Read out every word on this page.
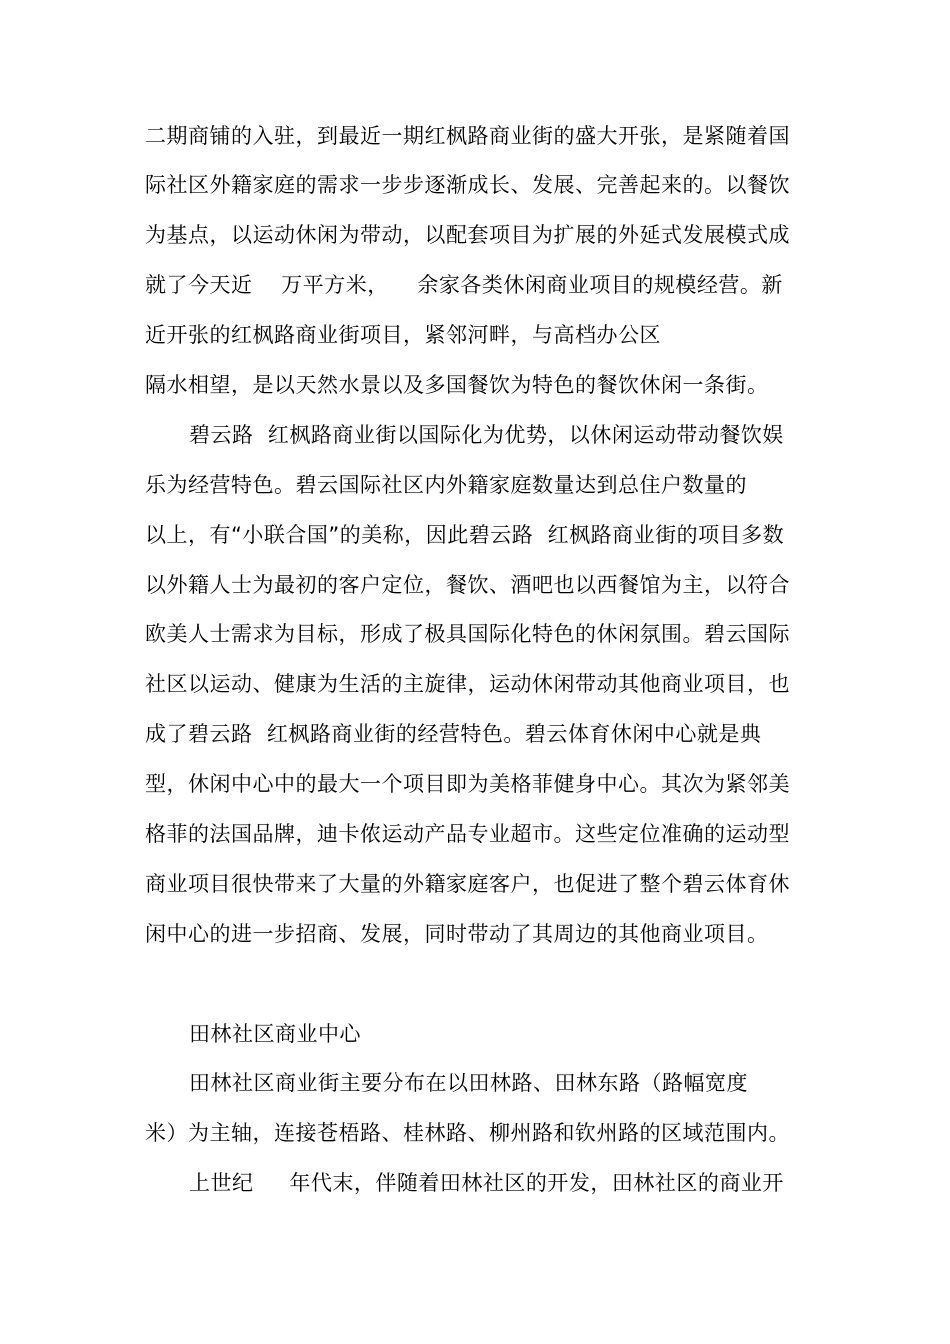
二期商铺的入驻，到最近一期红枫路商业街的盛大开张，是紧随着国
际社区外籍家庭的需求一步步逐渐成长、发展、完善起来的。以餐饮
为基点，以运动休闲为带动，以配套项目为扩展的外延式发展模式成
就了今天近    万平方米，    余家各类休闲商业项目的规模经营。新
近开张的红枫路商业街项目，紧邻河畔，与高档办公区
隔水相望，是以天然水景以及多国餐饮为特色的餐饮休闲一条街。
碧云路  红枫路商业街以国际化为优势，以休闲运动带动餐饮娱
乐为经营特色。碧云国际社区内外籍家庭数量达到总住户数量的
以上，有“小联合国”的美称，因此碧云路  红枫路商业街的项目多数
以外籍人士为最初的客户定位，餐饮、酒吧也以西餐馆为主，以符合
欧美人士需求为目标，形成了极具国际化特色的休闲氛围。碧云国际
社区以运动、健康为生活的主旋律，运动休闲带动其他商业项目，也
成了碧云路  红枫路商业街的经营特色。碧云体育休闲中心就是典
型，休闲中心中的最大一个项目即为美格菲健身中心。其次为紧邻美
格菲的法国品牌，迪卡侬运动产品专业超市。这些定位准确的运动型
商业项目很快带来了大量的外籍家庭客户，也促进了整个碧云体育休
闲中心的进一步招商、发展，同时带动了其周边的其他商业项目。
田林社区商业中心
田林社区商业街主要分布在以田林路、田林东路（路幅宽度
米）为主轴，连接苍梧路、桂林路、柳州路和钦州路的区域范围内。
上世纪     年代末，伴随着田林社区的开发，田林社区的商业开
